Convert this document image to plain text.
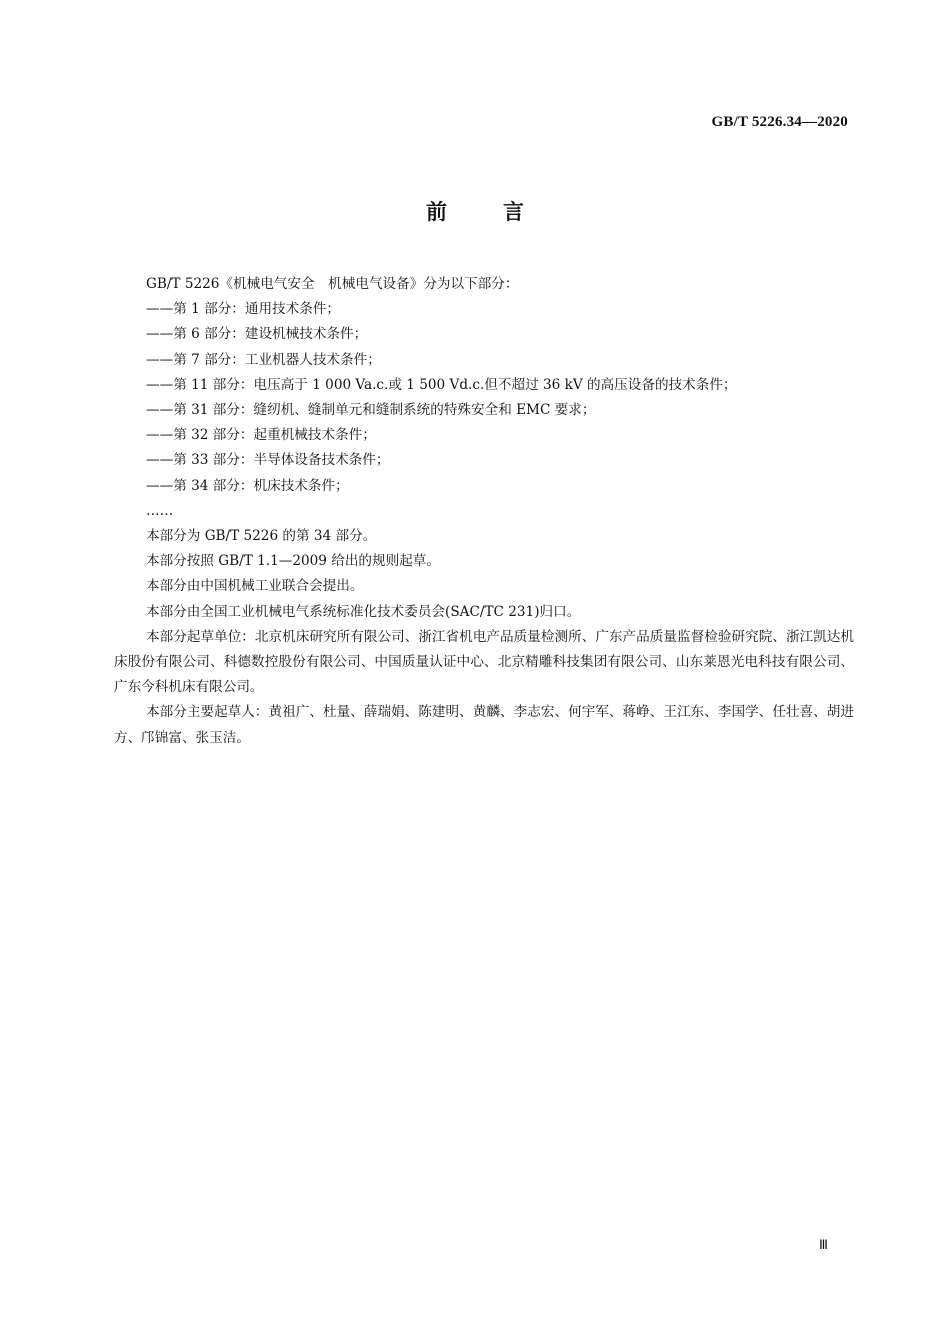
GB/T 5226.34—2020
前言

GB/T 5226《机械电气安全　机械电气设备》分为以下部分：

——第 1 部分：通用技术条件；

——第 6 部分：建设机械技术条件；

——第 7 部分：工业机器人技术条件；

——第 11 部分：电压高于 1 000 Va.c.或 1 500 Vd.c.但不超过 36 kV 的高压设备的技术条件；

——第 31 部分：缝纫机、缝制单元和缝制系统的特殊安全和 EMC 要求；

——第 32 部分：起重机械技术条件；

——第 33 部分：半导体设备技术条件；

——第 34 部分：机床技术条件；

……

本部分为 GB/T 5226 的第 34 部分。

本部分按照 GB/T 1.1—2009 给出的规则起草。

本部分由中国机械工业联合会提出。

本部分由全国工业机械电气系统标准化技术委员会(SAC/TC 231)归口。

本部分起草单位：北京机床研究所有限公司、浙江省机电产品质量检测所、广东产品质量监督检验研究院、浙江凯达机床股份有限公司、科德数控股份有限公司、中国质量认证中心、北京精雕科技集团有限公司、山东莱恩光电科技有限公司、广东今科机床有限公司。

本部分主要起草人：黄祖广、杜量、薛瑞娟、陈建明、黄麟、李志宏、何宇军、蒋峥、王江东、李国学、任壮喜、胡进方、邝锦富、张玉洁。

Ⅲ
